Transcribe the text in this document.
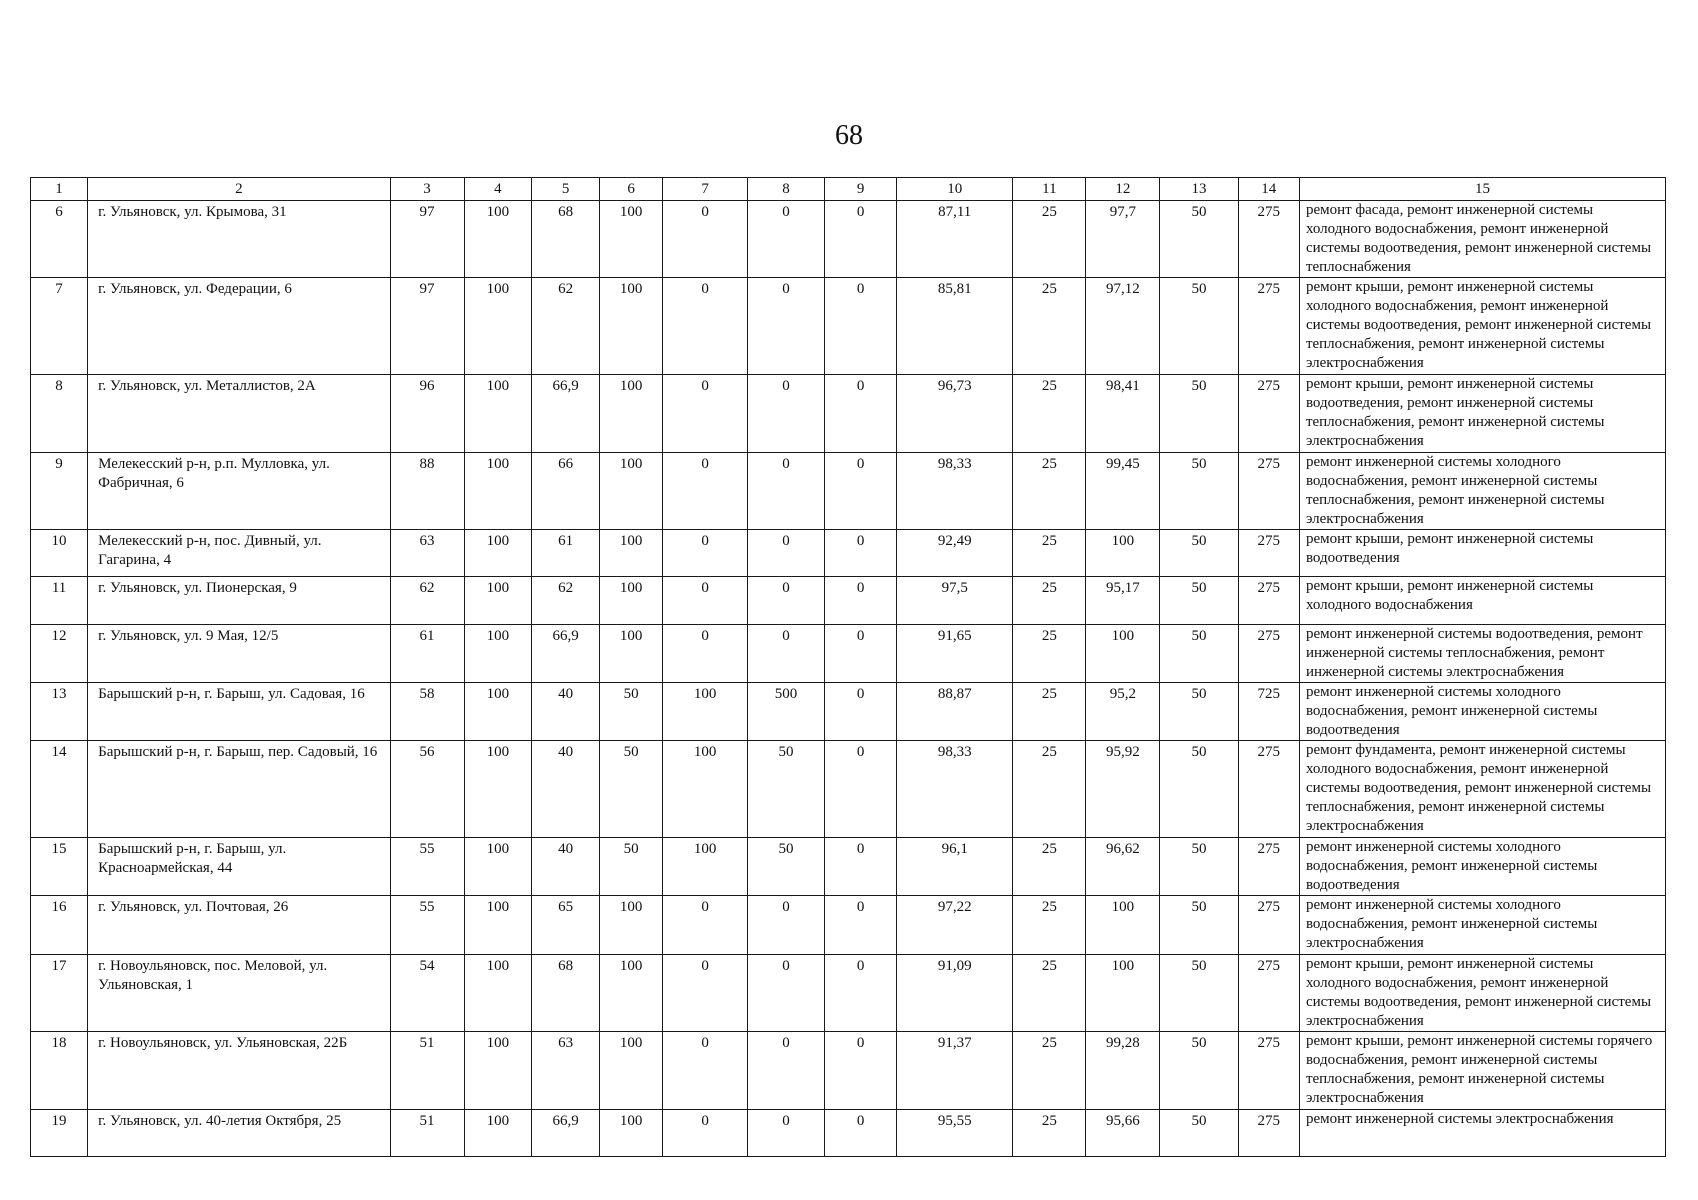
68
1	2	3	4	5	6	7	8	9	10	11	12	13	14	15
6	г. Ульяновск, ул. Крымова, 31	97	100	68	100	0	0	0	87,11	25	97,7	50	275	ремонт фасада, ремонт инженерной системы холодного водоснабжения, ремонт инженерной системы водоотведения, ремонт инженерной системы теплоснабжения
7	г. Ульяновск, ул. Федерации, 6	97	100	62	100	0	0	0	85,81	25	97,12	50	275	ремонт крыши, ремонт инженерной системы холодного водоснабжения, ремонт инженерной системы водоотведения, ремонт инженерной системы теплоснабжения, ремонт инженерной системы электроснабжения
8	г. Ульяновск, ул. Металлистов, 2А	96	100	66,9	100	0	0	0	96,73	25	98,41	50	275	ремонт крыши, ремонт инженерной системы водоотведения, ремонт инженерной системы теплоснабжения, ремонт инженерной системы электроснабжения
9	Мелекесский р-н, р.п. Мулловка, ул. Фабричная, 6	88	100	66	100	0	0	0	98,33	25	99,45	50	275	ремонт инженерной системы холодного водоснабжения, ремонт инженерной системы теплоснабжения, ремонт инженерной системы электроснабжения
10	Мелекесский р-н, пос. Дивный, ул. Гагарина, 4	63	100	61	100	0	0	0	92,49	25	100	50	275	ремонт крыши, ремонт инженерной системы водоотведения
11	г. Ульяновск, ул. Пионерская, 9	62	100	62	100	0	0	0	97,5	25	95,17	50	275	ремонт крыши, ремонт инженерной системы холодного водоснабжения
12	г. Ульяновск, ул. 9 Мая, 12/5	61	100	66,9	100	0	0	0	91,65	25	100	50	275	ремонт инженерной системы водоотведения, ремонт инженерной системы теплоснабжения, ремонт инженерной системы электроснабжения
13	Барышский р-н, г. Барыш, ул. Садовая, 16	58	100	40	50	100	500	0	88,87	25	95,2	50	725	ремонт инженерной системы холодного водоснабжения, ремонт инженерной системы водоотведения
14	Барышский р-н, г. Барыш, пер. Садовый, 16	56	100	40	50	100	50	0	98,33	25	95,92	50	275	ремонт фундамента, ремонт инженерной системы холодного водоснабжения, ремонт инженерной системы водоотведения, ремонт инженерной системы теплоснабжения, ремонт инженерной системы электроснабжения
15	Барышский р-н, г. Барыш, ул. Красноармейская, 44	55	100	40	50	100	50	0	96,1	25	96,62	50	275	ремонт инженерной системы холодного водоснабжения, ремонт инженерной системы водоотведения
16	г. Ульяновск, ул. Почтовая, 26	55	100	65	100	0	0	0	97,22	25	100	50	275	ремонт инженерной системы холодного водоснабжения, ремонт инженерной системы электроснабжения
17	г. Новоульяновск, пос. Меловой, ул. Ульяновская, 1	54	100	68	100	0	0	0	91,09	25	100	50	275	ремонт крыши, ремонт инженерной системы холодного водоснабжения, ремонт инженерной системы водоотведения, ремонт инженерной системы электроснабжения
18	г. Новоульяновск, ул. Ульяновская, 22Б	51	100	63	100	0	0	0	91,37	25	99,28	50	275	ремонт крыши, ремонт инженерной системы горячего водоснабжения, ремонт инженерной системы теплоснабжения, ремонт инженерной системы электроснабжения
19	г. Ульяновск, ул. 40-летия Октября, 25	51	100	66,9	100	0	0	0	95,55	25	95,66	50	275	ремонт инженерной системы электроснабжения
